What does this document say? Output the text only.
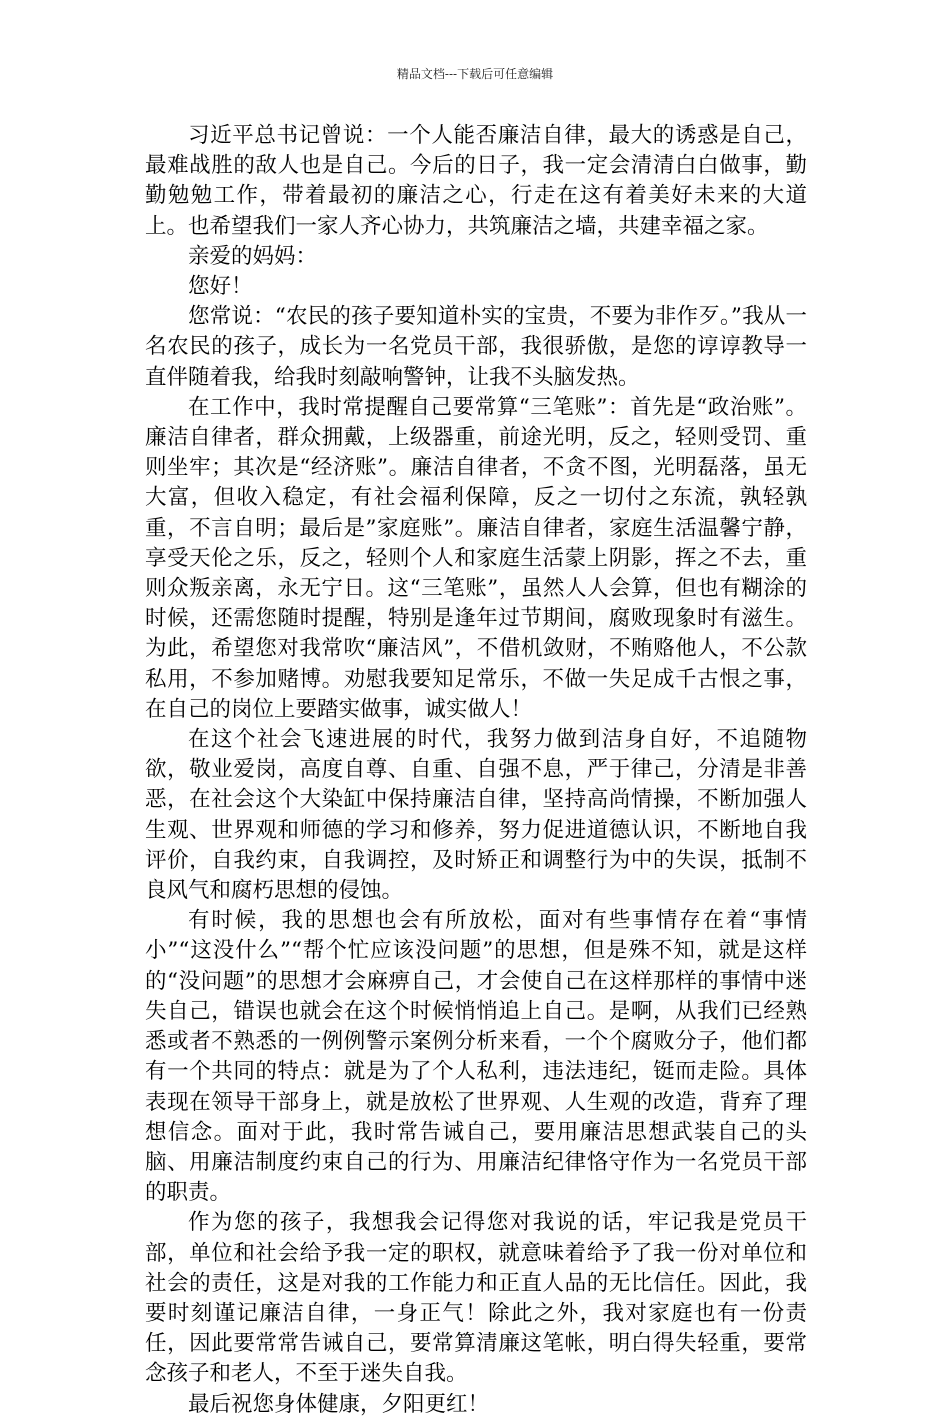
精品文档---下载后可任意编辑

习近平总书记曾说：一个人能否廉洁自律，最大的诱惑是自己，最难战胜的敌人也是自己。今后的日子，我一定会清清白白做事，勤勤勉勉工作，带着最初的廉洁之心，行走在这有着美好未来的大道上。也希望我们一家人齐心协力，共筑廉洁之墙，共建幸福之家。

亲爱的妈妈：

您好！

您常说：“农民的孩子要知道朴实的宝贵，不要为非作歹。”我从一名农民的孩子，成长为一名党员干部，我很骄傲，是您的谆谆教导一直伴随着我，给我时刻敲响警钟，让我不头脑发热。

在工作中，我时常提醒自己要常算“三笔账”：首先是“政治账”。廉洁自律者，群众拥戴，上级器重，前途光明，反之，轻则受罚、重则坐牢；其次是“经济账”。廉洁自律者，不贪不图，光明磊落，虽无大富，但收入稳定，有社会福利保障，反之一切付之东流，孰轻孰重，不言自明；最后是”家庭账”。廉洁自律者，家庭生活温馨宁静，享受天伦之乐，反之，轻则个人和家庭生活蒙上阴影，挥之不去，重则众叛亲离，永无宁日。这“三笔账”，虽然人人会算，但也有糊涂的时候，还需您随时提醒，特别是逢年过节期间，腐败现象时有滋生。为此，希望您对我常吹“廉洁风”，不借机敛财，不贿赂他人，不公款私用，不参加赌博。劝慰我要知足常乐，不做一失足成千古恨之事，在自己的岗位上要踏实做事，诚实做人！

在这个社会飞速进展的时代，我努力做到洁身自好，不追随物欲，敬业爱岗，高度自尊、自重、自强不息，严于律己，分清是非善恶，在社会这个大染缸中保持廉洁自律，坚持高尚情操，不断加强人生观、世界观和师德的学习和修养，努力促进道德认识，不断地自我评价，自我约束，自我调控，及时矫正和调整行为中的失误，抵制不良风气和腐朽思想的侵蚀。

有时候，我的思想也会有所放松，面对有些事情存在着“事情小”“这没什么”“帮个忙应该没问题”的思想，但是殊不知，就是这样的“没问题”的思想才会麻痹自己，才会使自己在这样那样的事情中迷失自己，错误也就会在这个时候悄悄追上自己。是啊，从我们已经熟悉或者不熟悉的一例例警示案例分析来看，一个个腐败分子，他们都有一个共同的特点：就是为了个人私利，违法违纪，铤而走险。具体表现在领导干部身上，就是放松了世界观、人生观的改造，背弃了理想信念。面对于此，我时常告诫自己，要用廉洁思想武装自己的头脑、用廉洁制度约束自己的行为、用廉洁纪律恪守作为一名党员干部的职责。

作为您的孩子，我想我会记得您对我说的话，牢记我是党员干部，单位和社会给予我一定的职权，就意味着给予了我一份对单位和社会的责任，这是对我的工作能力和正直人品的无比信任。因此，我要时刻谨记廉洁自律，一身正气！除此之外，我对家庭也有一份责任，因此要常常告诫自己，要常算清廉这笔帐，明白得失轻重，要常念孩子和老人，不至于迷失自我。

最后祝您身体健康，夕阳更红！
